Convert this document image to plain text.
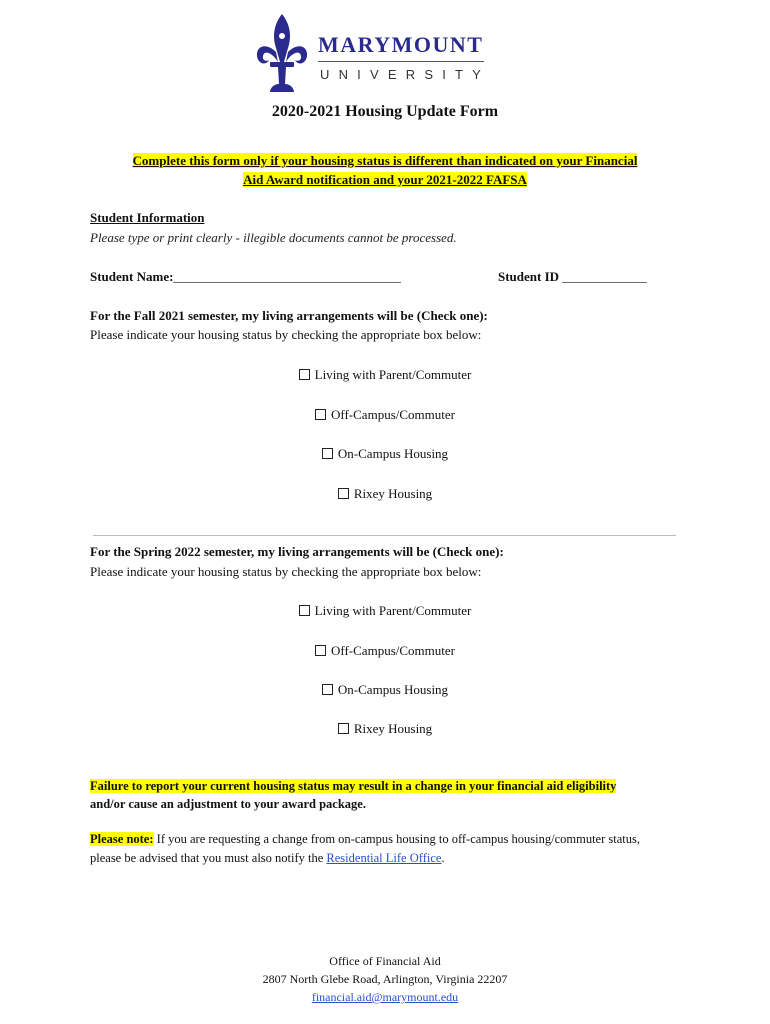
MARYMOUNT
UNIVERSITY
2020-2021 Housing Update Form
Complete this form only if your housing status is different than indicated on your Financial
Aid Award notification and your 2021-2022 FAFSA
Student Information
Please type or print clearly - illegible documents cannot be processed.
Student Name:___________________________________	Student ID _____________
For the Fall 2021 semester, my living arrangements will be (Check one):
Please indicate your housing status by checking the appropriate box below:
Living with Parent/Commuter
Off-Campus/Commuter
On-Campus Housing
Rixey Housing
For the Spring 2022 semester, my living arrangements will be (Check one):
Please indicate your housing status by checking the appropriate box below:
Living with Parent/Commuter
Off-Campus/Commuter
On-Campus Housing
Rixey Housing
Failure to report your current housing status may result in a change in your financial aid eligibility
and/or cause an adjustment to your award package.
Please note: If you are requesting a change from on-campus housing to off-campus housing/commuter status,
please be advised that you must also notify the Residential Life Office.
Office of Financial Aid
2807 North Glebe Road, Arlington, Virginia 22207
financial.aid@marymount.edu
